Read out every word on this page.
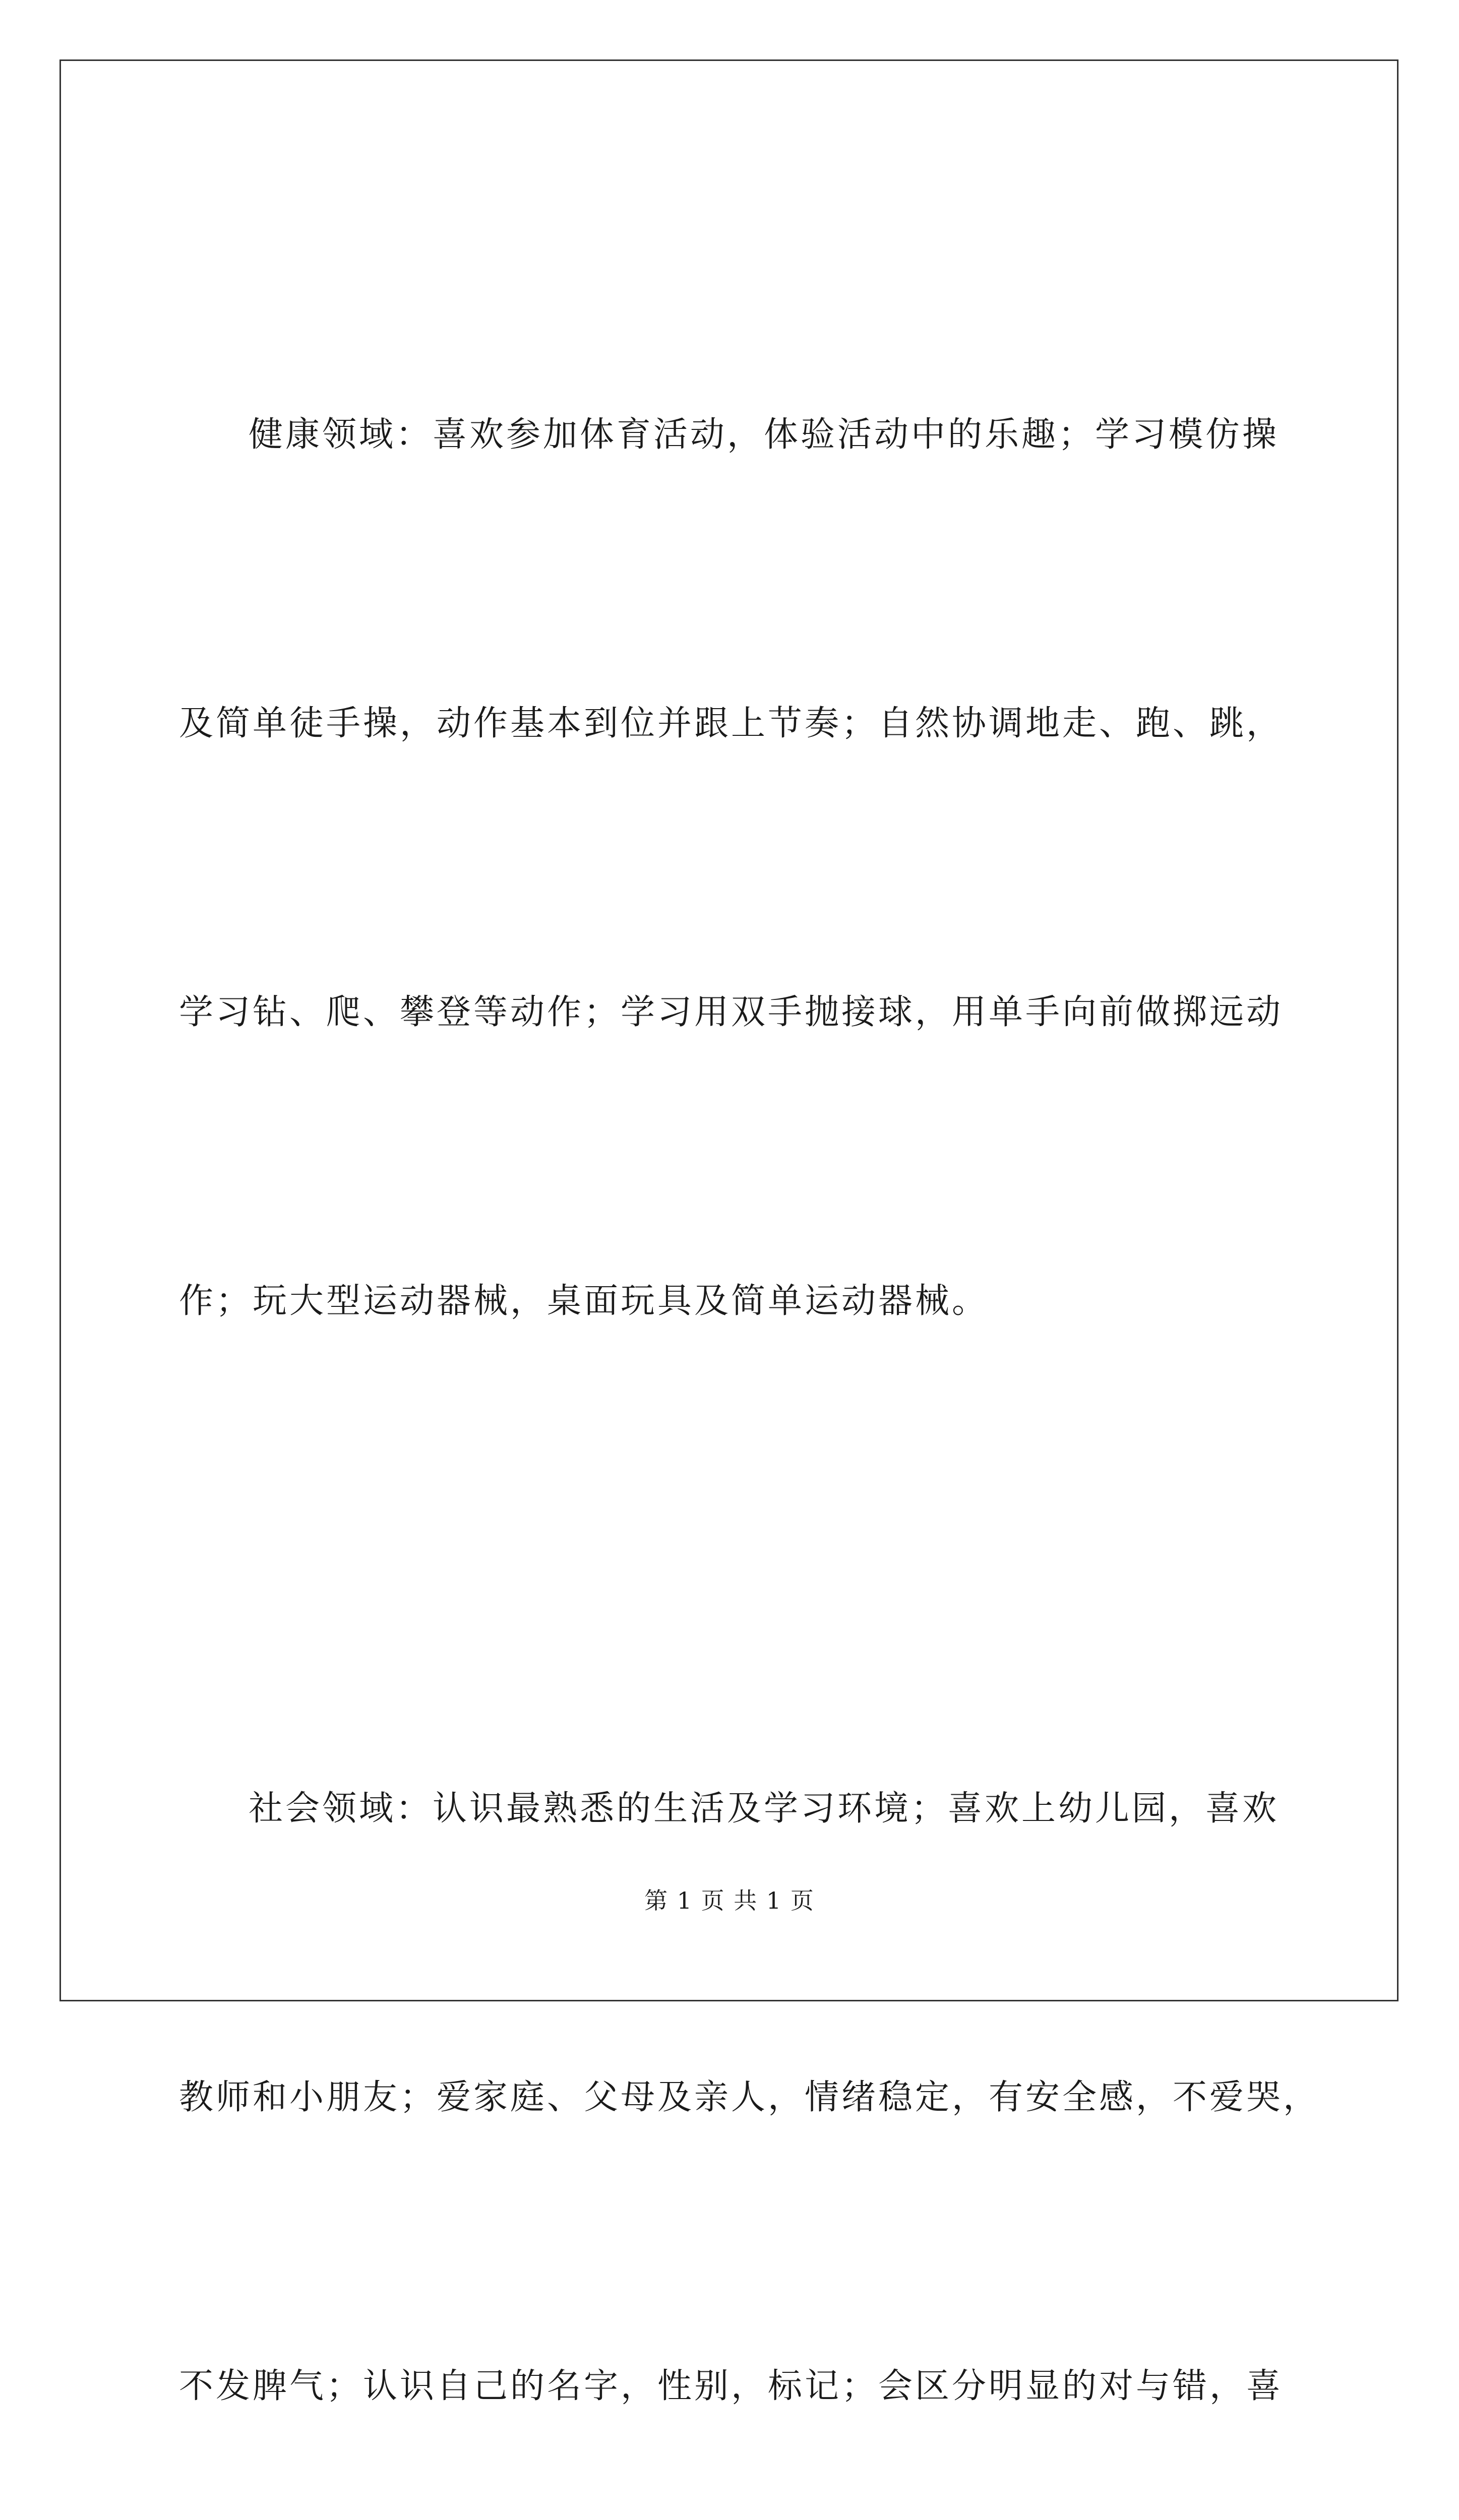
健康领域：喜欢参加体育活动，体验活动中的乐趣；学习模仿操

及简单徒手操，动作基本到位并跟上节奏；自然协调地走、跑、跳，

学习钻、爬、攀登等动作；学习用双手抛接球，用单手向前做掷远动

作；玩大型运动器械，桌面玩具及简单运动器械。

社会领域：认识最熟悉的生活及学习环境；喜欢上幼儿园，喜欢

教师和小朋友；爱家庭、父母及亲人，情绪稳定，有安全感，不爱哭，

不发脾气；认识自己的名字，性别，标记；会区分明显的对与错，喜

第 1 页 共 1 页
